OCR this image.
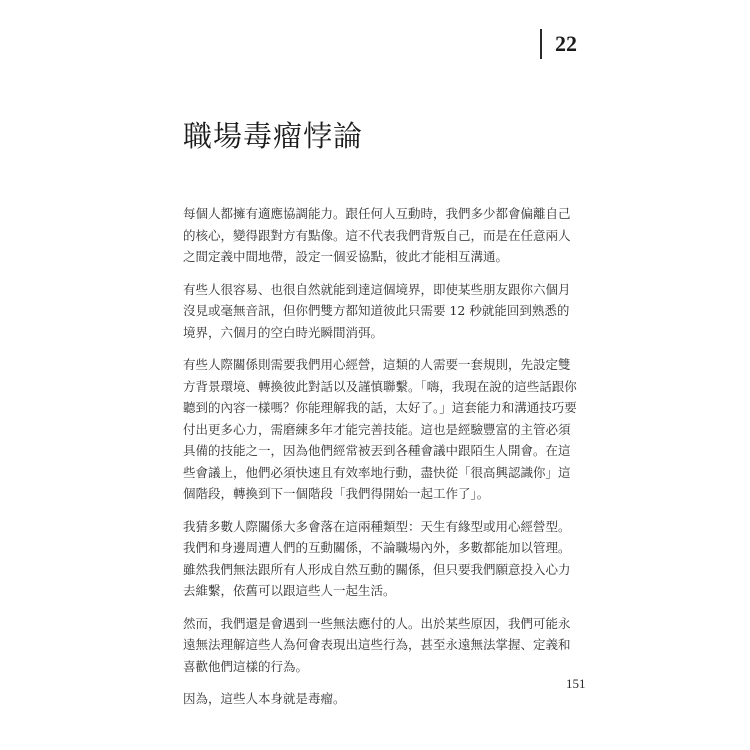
22
職場毒瘤悖論

每個人都擁有適應協調能力。跟任何人互動時，我們多少都會偏離自己的核心，變得跟對方有點像。這不代表我們背叛自己，而是在任意兩人之間定義中間地帶，設定一個妥協點，彼此才能相互溝通。

有些人很容易、也很自然就能到達這個境界，即使某些朋友跟你六個月沒見或毫無音訊，但你們雙方都知道彼此只需要 12 秒就能回到熟悉的境界，六個月的空白時光瞬間消弭。

有些人際關係則需要我們用心經營，這類的人需要一套規則，先設定雙方背景環境、轉換彼此對話以及謹慎聯繫。「嗨，我現在說的這些話跟你聽到的內容一樣嗎？你能理解我的話，太好了。」這套能力和溝通技巧要付出更多心力，需磨練多年才能完善技能。這也是經驗豐富的主管必須具備的技能之一，因為他們經常被丟到各種會議中跟陌生人開會。在這些會議上，他們必須快速且有效率地行動，盡快從「很高興認識你」這個階段，轉換到下一個階段「我們得開始一起工作了」。

我猜多數人際關係大多會落在這兩種類型：天生有緣型或用心經營型。我們和身邊周遭人們的互動關係，不論職場內外，多數都能加以管理。雖然我們無法跟所有人形成自然互動的關係，但只要我們願意投入心力去維繫，依舊可以跟這些人一起生活。

然而，我們還是會遇到一些無法應付的人。出於某些原因，我們可能永遠無法理解這些人為何會表現出這些行為，甚至永遠無法掌握、定義和喜歡他們這樣的行為。

因為，這些人本身就是毒瘤。

151
